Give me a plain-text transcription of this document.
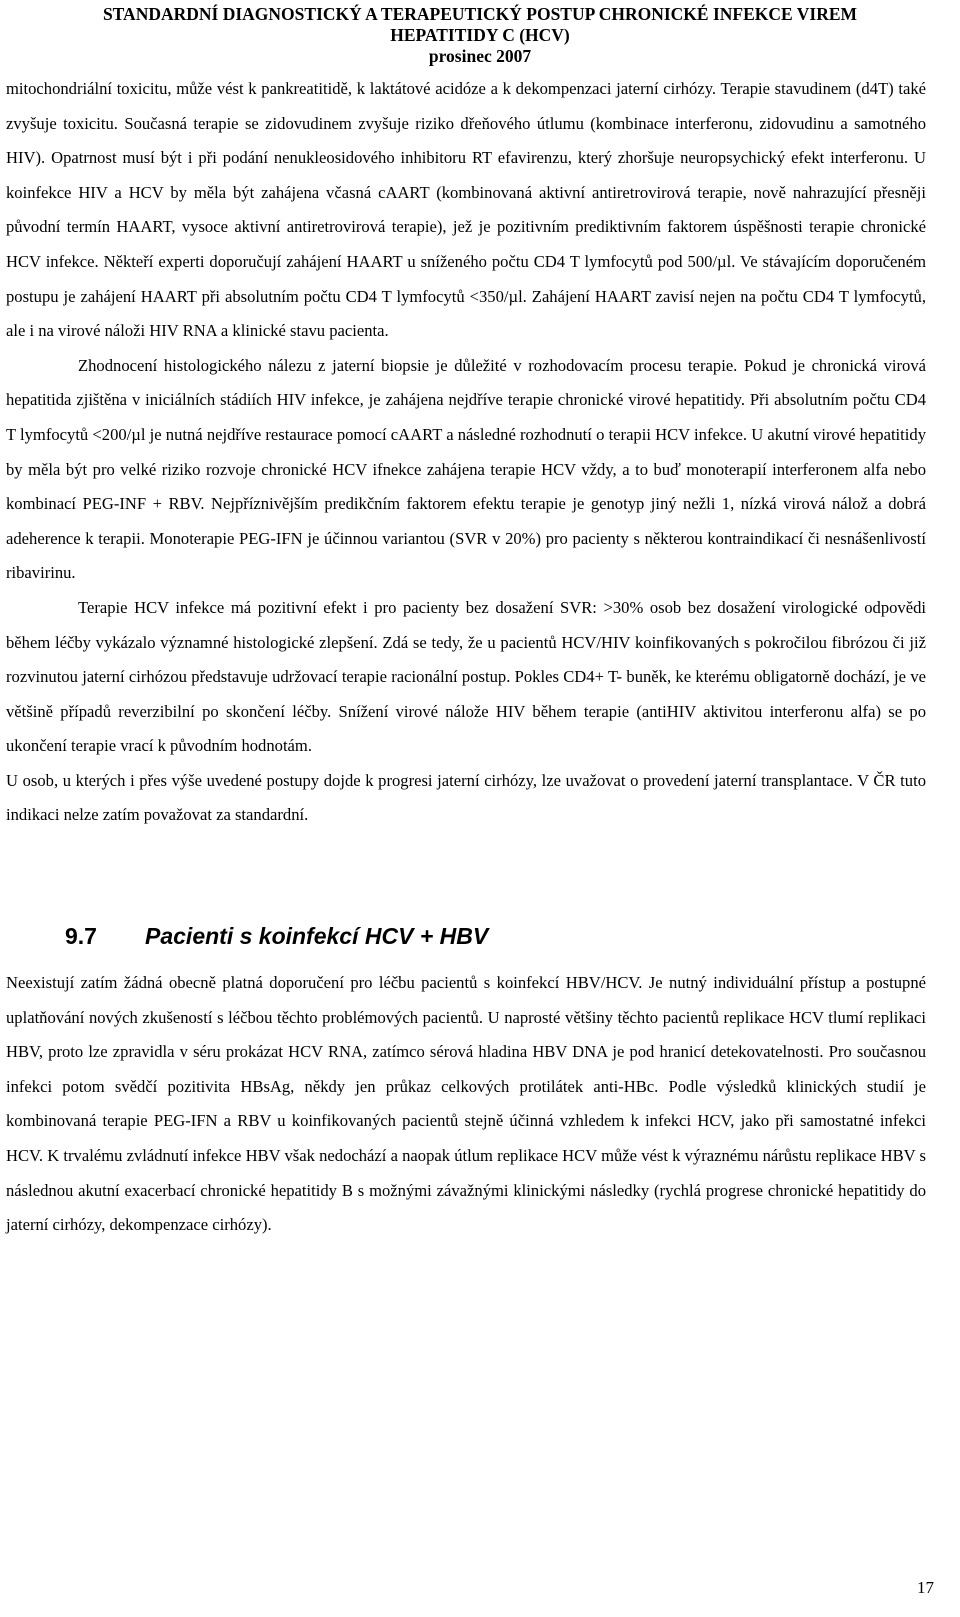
STANDARDNÍ DIAGNOSTICKÝ A TERAPEUTICKÝ POSTUP CHRONICKÉ INFEKCE VIREM
HEPATITIDY C (HCV)
prosinec 2007

mitochondriální toxicitu, může vést k pankreatitidě, k laktátové acidóze a k dekompenzaci jaterní cirhózy. Terapie stavudinem (d4T) také zvyšuje toxicitu. Současná terapie se zidovudinem zvyšuje riziko dřeňového útlumu (kombinace interferonu, zidovudinu a samotného HIV). Opatrnost musí být i při podání nenukleosidového inhibitoru RT efavirenzu, který zhoršuje neuropsychický efekt interferonu. U koinfekce HIV a HCV by měla být zahájena včasná cAART (kombinovaná aktivní antiretrovirová terapie, nově nahrazující přesněji původní termín HAART, vysoce aktivní antiretrovirová terapie), jež je pozitivním prediktivním faktorem úspěšnosti terapie chronické HCV infekce. Někteří experti doporučují zahájení HAART u sníženého počtu CD4 T lymfocytů pod 500/µl. Ve stávajícím doporučeném postupu je zahájení HAART při absolutním počtu CD4 T lymfocytů <350/µl. Zahájení HAART zavisí nejen na počtu CD4 T lymfocytů, ale i na virové náloži HIV RNA a klinické stavu pacienta.

Zhodnocení histologického nálezu z jaterní biopsie je důležité v rozhodovacím procesu terapie. Pokud je chronická virová hepatitida zjištěna v iniciálních stádiích HIV infekce, je zahájena nejdříve terapie chronické virové hepatitidy. Při absolutním počtu CD4 T lymfocytů <200/µl je nutná nejdříve restaurace pomocí cAART a následné rozhodnutí o terapii HCV infekce. U akutní virové hepatitidy by měla být pro velké riziko rozvoje chronické HCV ifnekce zahájena terapie HCV vždy, a to buď monoterapií interferonem alfa nebo kombinací PEG-INF + RBV. Nejpříznivějším predikčním faktorem efektu terapie je genotyp jiný nežli 1, nízká virová nálož a dobrá adeherence k terapii. Monoterapie PEG-IFN je účinnou variantou (SVR v 20%) pro pacienty s některou kontraindikací či nesnášenlivostí ribavirinu.

Terapie HCV infekce má pozitivní efekt i pro pacienty bez dosažení SVR: >30% osob bez dosažení virologické odpovědi během léčby vykázalo významné histologické zlepšení. Zdá se tedy, že u pacientů HCV/HIV koinfikovaných s pokročilou fibrózou či již rozvinutou jaterní cirhózou představuje udržovací terapie racionální postup. Pokles CD4+ T- buněk, ke kterému obligatorně dochází, je ve většině případů reverzibilní po skončení léčby. Snížení virové nálože HIV během terapie (antiHIV aktivitou interferonu alfa) se po ukončení terapie vrací k původním hodnotám.

U osob, u kterých i přes výše uvedené postupy dojde k progresi jaterní cirhózy, lze uvažovat o provedení jaterní transplantace. V ČR tuto indikaci nelze zatím považovat za standardní.

9.7 Pacienti s koinfekcí HCV + HBV

Neexistují zatím žádná obecně platná doporučení pro léčbu pacientů s koinfekcí HBV/HCV. Je nutný individuální přístup a postupné uplatňování nových zkušeností s léčbou těchto problémových pacientů. U naprosté většiny těchto pacientů replikace HCV tlumí replikaci HBV, proto lze zpravidla v séru prokázat HCV RNA, zatímco sérová hladina HBV DNA je pod hranicí detekovatelnosti. Pro současnou infekci potom svědčí pozitivita HBsAg, někdy jen průkaz celkových protilátek anti-HBc. Podle výsledků klinických studií je kombinovaná terapie PEG-IFN a RBV u koinfikovaných pacientů stejně účinná vzhledem k infekci HCV, jako při samostatné infekci HCV. K trvalému zvládnutí infekce HBV však nedochází a naopak útlum replikace HCV může vést k výraznému nárůstu replikace HBV s následnou akutní exacerbací chronické hepatitidy B s možnými závažnými klinickými následky (rychlá progrese chronické hepatitidy do jaterní cirhózy, dekompenzace cirhózy).

17
